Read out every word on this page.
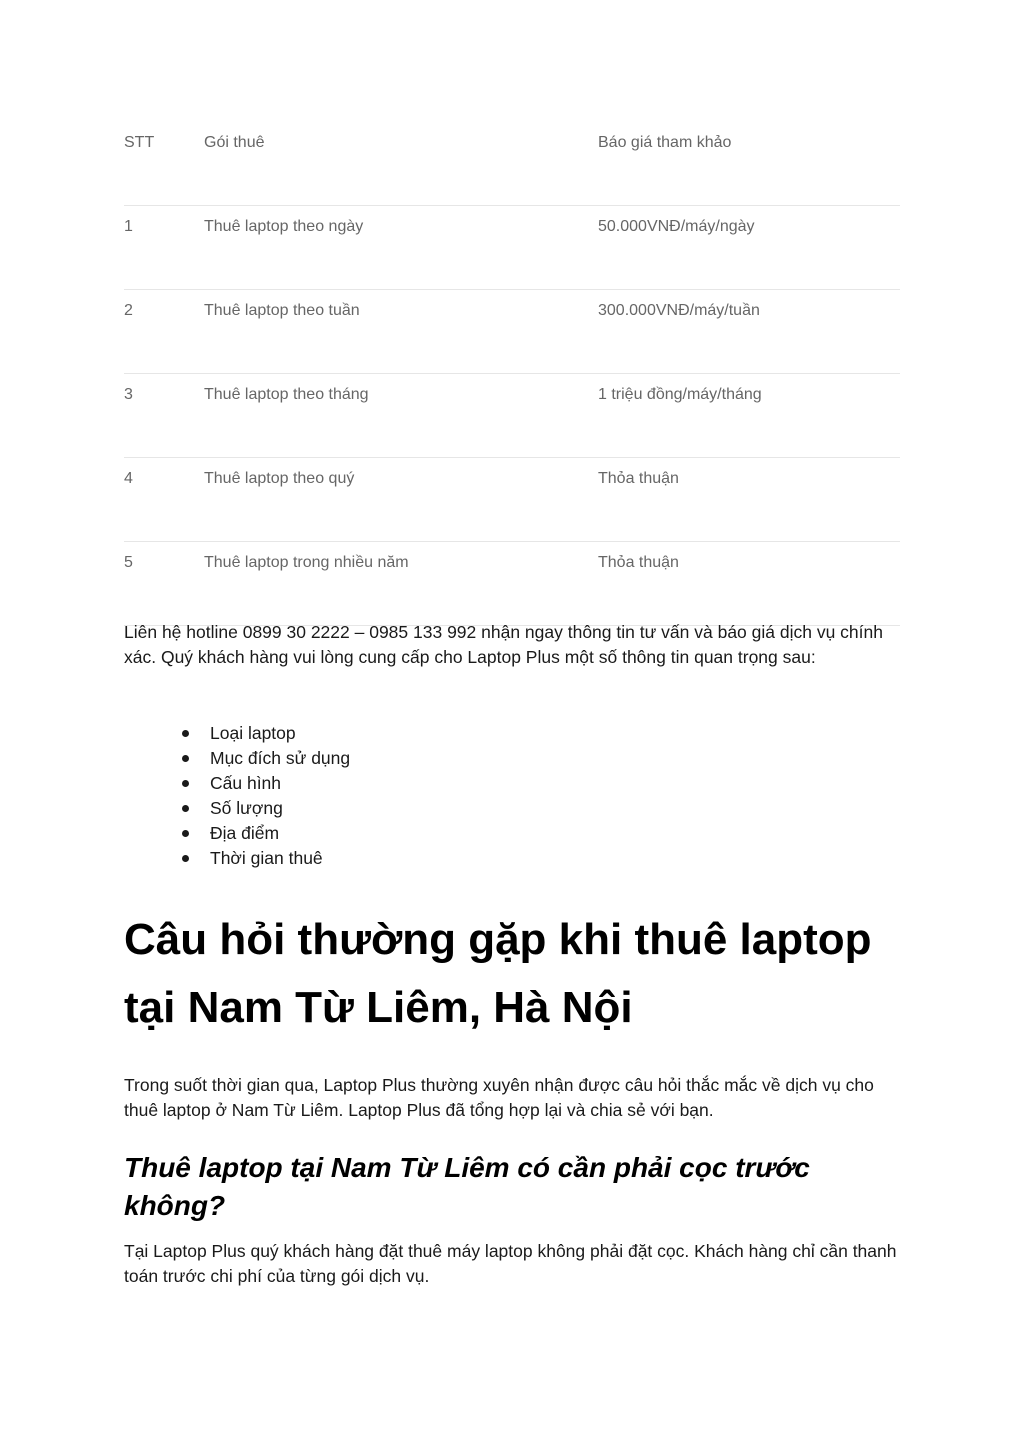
STT	Gói thuê	Báo giá tham khảo
1	Thuê laptop theo ngày	50.000VNĐ/máy/ngày
2	Thuê laptop theo tuần	300.000VNĐ/máy/tuần
3	Thuê laptop theo tháng	1 triệu đồng/máy/tháng
4	Thuê laptop theo quý	Thỏa thuận
5	Thuê laptop trong nhiều năm	Thỏa thuận

Liên hệ hotline 0899 30 2222 – 0985 133 992 nhận ngay thông tin tư vấn và báo giá dịch vụ chính xác. Quý khách hàng vui lòng cung cấp cho Laptop Plus một số thông tin quan trọng sau:

Loại laptop
Mục đích sử dụng
Cấu hình
Số lượng
Địa điểm
Thời gian thuê
Câu hỏi thường gặp khi thuê laptop tại Nam Từ Liêm, Hà Nội

Trong suốt thời gian qua, Laptop Plus thường xuyên nhận được câu hỏi thắc mắc về dịch vụ cho thuê laptop ở Nam Từ Liêm. Laptop Plus đã tổng hợp lại và chia sẻ với bạn.

Thuê laptop tại Nam Từ Liêm có cần phải cọc trước không?

Tại Laptop Plus quý khách hàng đặt thuê máy laptop không phải đặt cọc. Khách hàng chỉ cần thanh toán trước chi phí của từng gói dịch vụ.
